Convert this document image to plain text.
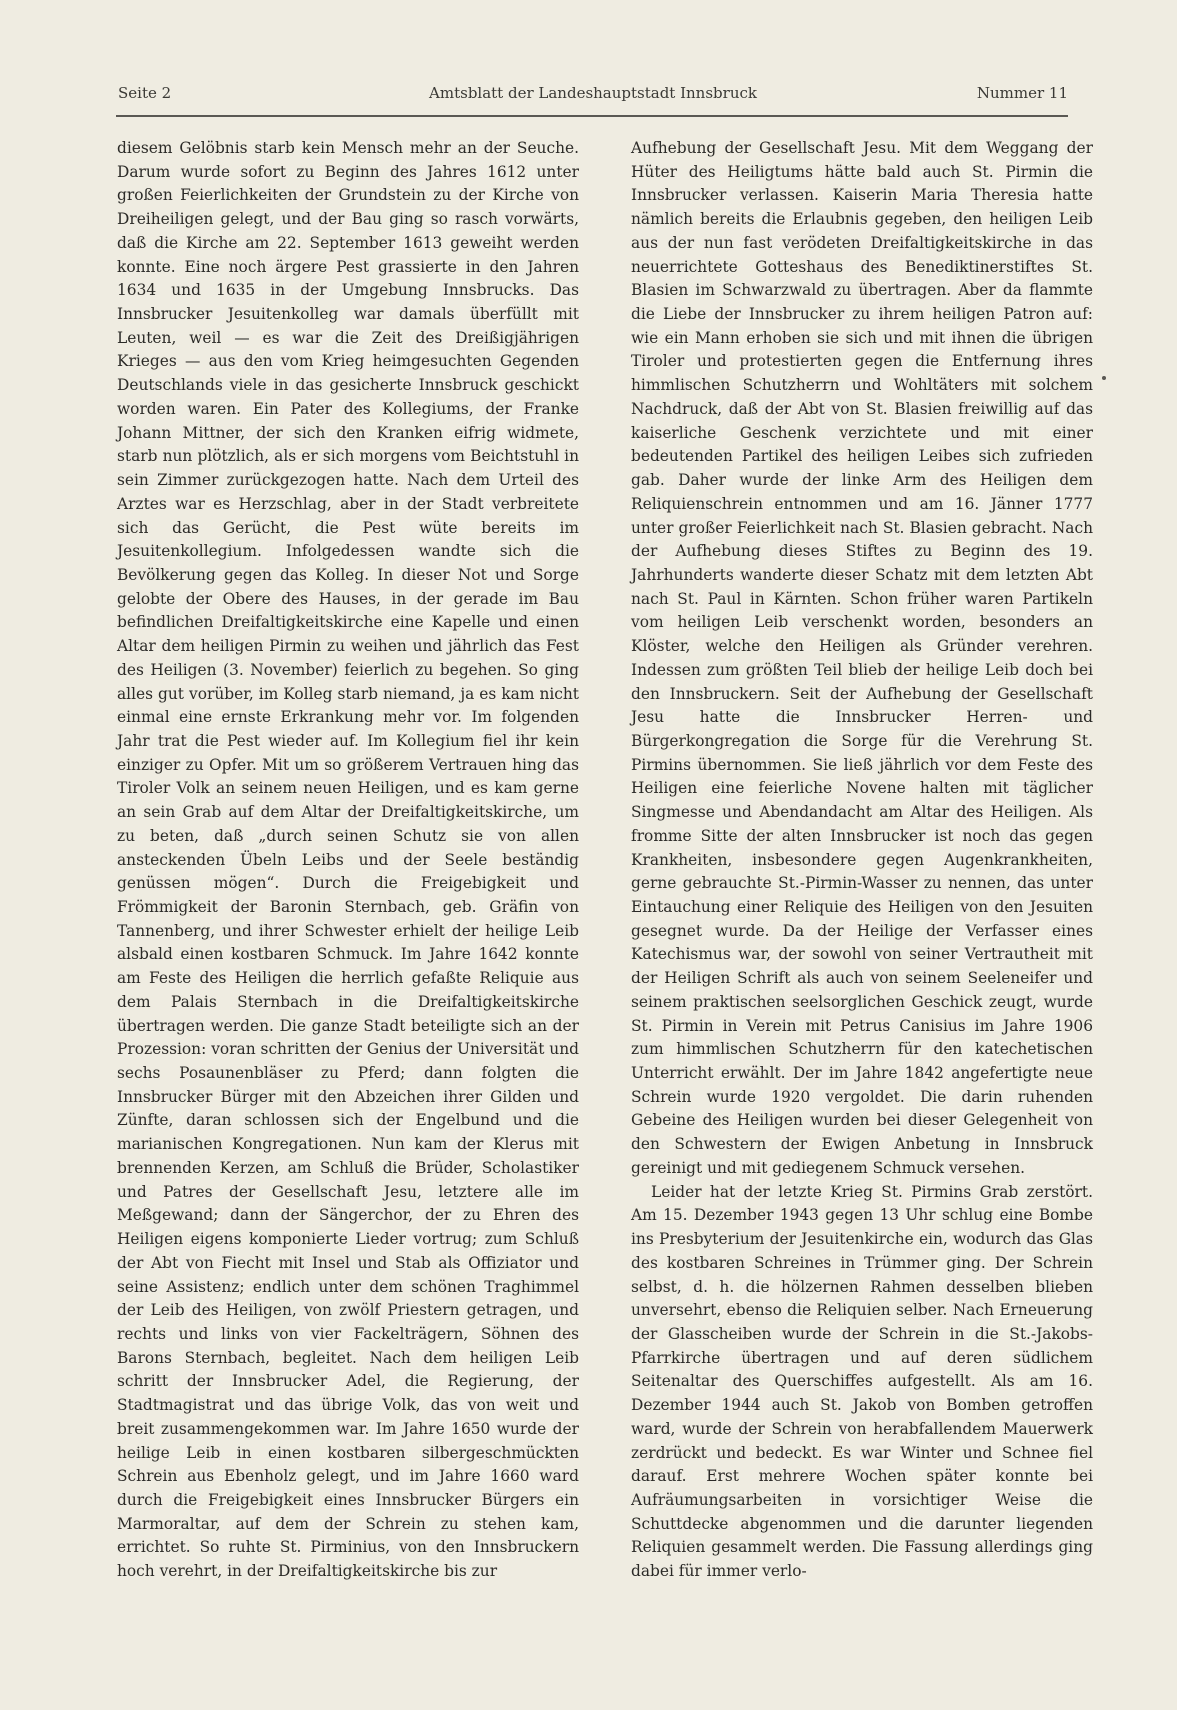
Seite 2	Amtsblatt der Landeshauptstadt Innsbruck	Nummer 11

diesem Gelöbnis starb kein Mensch mehr an der Seuche. Darum wurde sofort zu Beginn des Jahres 1612 unter großen Feierlichkeiten der Grundstein zu der Kirche von Dreiheiligen gelegt, und der Bau ging so rasch vorwärts, daß die Kirche am 22. September 1613 geweiht werden konnte. Eine noch ärgere Pest grassierte in den Jahren 1634 und 1635 in der Umgebung Innsbrucks. Das Innsbrucker Jesuitenkolleg war damals überfüllt mit Leuten, weil — es war die Zeit des Dreißigjährigen Krieges — aus den vom Krieg heimgesuchten Gegenden Deutschlands viele in das gesicherte Innsbruck geschickt worden waren. Ein Pater des Kollegiums, der Franke Johann Mittner, der sich den Kranken eifrig widmete, starb nun plötzlich, als er sich morgens vom Beichtstuhl in sein Zimmer zurückgezogen hatte. Nach dem Urteil des Arztes war es Herzschlag, aber in der Stadt verbreitete sich das Gerücht, die Pest wüte bereits im Jesuitenkollegium. Infolgedessen wandte sich die Bevölkerung gegen das Kolleg. In dieser Not und Sorge gelobte der Obere des Hauses, in der gerade im Bau befindlichen Dreifaltigkeitskirche eine Kapelle und einen Altar dem heiligen Pirmin zu weihen und jährlich das Fest des Heiligen (3. November) feierlich zu begehen. So ging alles gut vorüber, im Kolleg starb niemand, ja es kam nicht einmal eine ernste Erkrankung mehr vor. Im folgenden Jahr trat die Pest wieder auf. Im Kollegium fiel ihr kein einziger zu Opfer. Mit um so größerem Vertrauen hing das Tiroler Volk an seinem neuen Heiligen, und es kam gerne an sein Grab auf dem Altar der Dreifaltigkeitskirche, um zu beten, daß „durch seinen Schutz sie von allen ansteckenden Übeln Leibs und der Seele beständig genüssen mögen“. Durch die Freigebigkeit und Frömmigkeit der Baronin Sternbach, geb. Gräfin von Tannenberg, und ihrer Schwester erhielt der heilige Leib alsbald einen kostbaren Schmuck. Im Jahre 1642 konnte am Feste des Heiligen die herrlich gefaßte Reliquie aus dem Palais Sternbach in die Dreifaltigkeitskirche übertragen werden. Die ganze Stadt beteiligte sich an der Prozession: voran schritten der Genius der Universität und sechs Posaunenbläser zu Pferd; dann folgten die Innsbrucker Bürger mit den Abzeichen ihrer Gilden und Zünfte, daran schlossen sich der Engelbund und die marianischen Kongregationen. Nun kam der Klerus mit brennenden Kerzen, am Schluß die Brüder, Scholastiker und Patres der Gesellschaft Jesu, letztere alle im Meßgewand; dann der Sängerchor, der zu Ehren des Heiligen eigens komponierte Lieder vortrug; zum Schluß der Abt von Fiecht mit Insel und Stab als Offiziator und seine Assistenz; endlich unter dem schönen Traghimmel der Leib des Heiligen, von zwölf Priestern getragen, und rechts und links von vier Fackelträgern, Söhnen des Barons Sternbach, begleitet. Nach dem heiligen Leib schritt der Innsbrucker Adel, die Regierung, der Stadtmagistrat und das übrige Volk, das von weit und breit zusammengekommen war. Im Jahre 1650 wurde der heilige Leib in einen kostbaren silbergeschmückten Schrein aus Ebenholz gelegt, und im Jahre 1660 ward durch die Freigebigkeit eines Innsbrucker Bürgers ein Marmoraltar, auf dem der Schrein zu stehen kam, errichtet. So ruhte St. Pirminius, von den Innsbruckern hoch verehrt, in der Dreifaltigkeitskirche bis zur

Aufhebung der Gesellschaft Jesu. Mit dem Weggang der Hüter des Heiligtums hätte bald auch St. Pirmin die Innsbrucker verlassen. Kaiserin Maria Theresia hatte nämlich bereits die Erlaubnis gegeben, den heiligen Leib aus der nun fast verödeten Dreifaltigkeitskirche in das neuerrichtete Gotteshaus des Benediktinerstiftes St. Blasien im Schwarzwald zu übertragen. Aber da flammte die Liebe der Innsbrucker zu ihrem heiligen Patron auf: wie ein Mann erhoben sie sich und mit ihnen die übrigen Tiroler und protestierten gegen die Entfernung ihres himmlischen Schutzherrn und Wohltäters mit solchem Nachdruck, daß der Abt von St. Blasien freiwillig auf das kaiserliche Geschenk verzichtete und mit einer bedeutenden Partikel des heiligen Leibes sich zufrieden gab. Daher wurde der linke Arm des Heiligen dem Reliquienschrein entnommen und am 16. Jänner 1777 unter großer Feierlichkeit nach St. Blasien gebracht. Nach der Aufhebung dieses Stiftes zu Beginn des 19. Jahrhunderts wanderte dieser Schatz mit dem letzten Abt nach St. Paul in Kärnten. Schon früher waren Partikeln vom heiligen Leib verschenkt worden, besonders an Klöster, welche den Heiligen als Gründer verehren. Indessen zum größten Teil blieb der heilige Leib doch bei den Innsbruckern. Seit der Aufhebung der Gesellschaft Jesu hatte die Innsbrucker Herren- und Bürgerkongregation die Sorge für die Verehrung St. Pirmins übernommen. Sie ließ jährlich vor dem Feste des Heiligen eine feierliche Novene halten mit täglicher Singmesse und Abendandacht am Altar des Heiligen. Als fromme Sitte der alten Innsbrucker ist noch das gegen Krankheiten, insbesondere gegen Augenkrankheiten, gerne gebrauchte St.-Pirmin-Wasser zu nennen, das unter Eintauchung einer Reliquie des Heiligen von den Jesuiten gesegnet wurde. Da der Heilige der Verfasser eines Katechismus war, der sowohl von seiner Vertrautheit mit der Heiligen Schrift als auch von seinem Seeleneifer und seinem praktischen seelsorglichen Geschick zeugt, wurde St. Pirmin in Verein mit Petrus Canisius im Jahre 1906 zum himmlischen Schutzherrn für den katechetischen Unterricht erwählt. Der im Jahre 1842 angefertigte neue Schrein wurde 1920 vergoldet. Die darin ruhenden Gebeine des Heiligen wurden bei dieser Gelegenheit von den Schwestern der Ewigen Anbetung in Innsbruck gereinigt und mit gediegenem Schmuck versehen.

Leider hat der letzte Krieg St. Pirmins Grab zerstört. Am 15. Dezember 1943 gegen 13 Uhr schlug eine Bombe ins Presbyterium der Jesuitenkirche ein, wodurch das Glas des kostbaren Schreines in Trümmer ging. Der Schrein selbst, d. h. die hölzernen Rahmen desselben blieben unversehrt, ebenso die Reliquien selber. Nach Erneuerung der Glasscheiben wurde der Schrein in die St.-Jakobs-Pfarrkirche übertragen und auf deren südlichem Seitenaltar des Querschiffes aufgestellt. Als am 16. Dezember 1944 auch St. Jakob von Bomben getroffen ward, wurde der Schrein von herabfallendem Mauerwerk zerdrückt und bedeckt. Es war Winter und Schnee fiel darauf. Erst mehrere Wochen später konnte bei Aufräumungsarbeiten in vorsichtiger Weise die Schuttdecke abgenommen und die darunter liegenden Reliquien gesammelt werden. Die Fassung allerdings ging dabei für immer verlo-
